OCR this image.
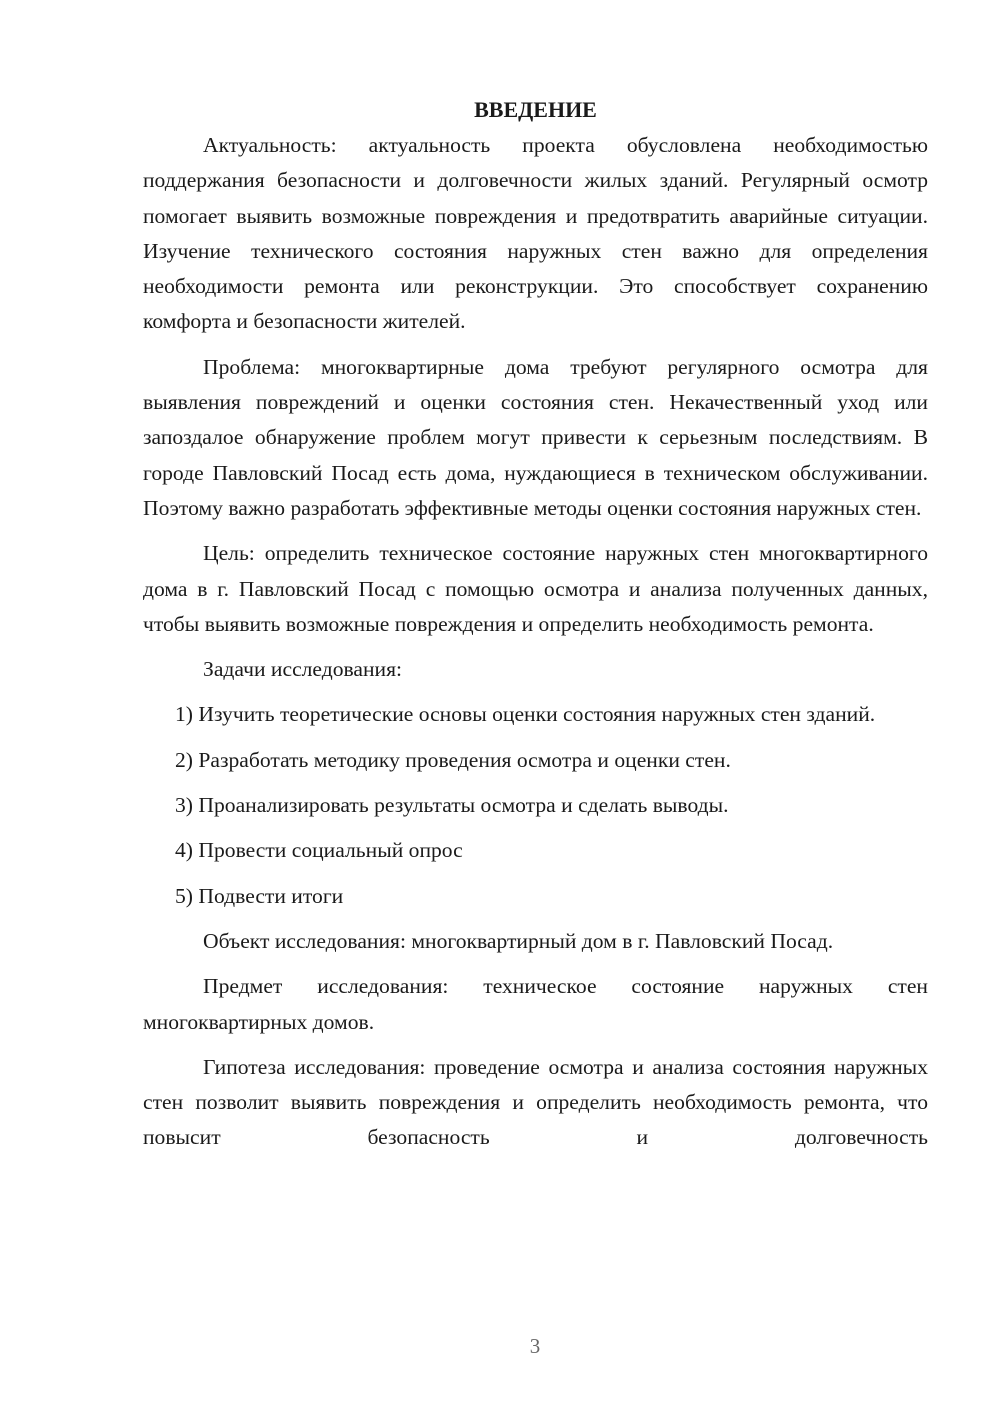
ВВЕДЕНИЕ

Актуальность: актуальность проекта обусловлена необходимостью поддержания безопасности и долговечности жилых зданий. Регулярный осмотр помогает выявить возможные повреждения и предотвратить аварийные ситуации. Изучение технического состояния наружных стен важно для определения необходимости ремонта или реконструкции. Это способствует сохранению комфорта и безопасности жителей.

Проблема: многоквартирные дома требуют регулярного осмотра для выявления повреждений и оценки состояния стен. Некачественный уход или запоздалое обнаружение проблем могут привести к серьезным последствиям. В городе Павловский Посад есть дома, нуждающиеся в техническом обслуживании. Поэтому важно разработать эффективные методы оценки состояния наружных стен.

Цель: определить техническое состояние наружных стен многоквартирного дома в г. Павловский Посад с помощью осмотра и анализа полученных данных, чтобы выявить возможные повреждения и определить необходимость ремонта.

Задачи исследования:

1) Изучить теоретические основы оценки состояния наружных стен зданий.

2) Разработать методику проведения осмотра и оценки стен.

3) Проанализировать результаты осмотра и сделать выводы.

4) Провести социальный опрос

5) Подвести итоги

Объект исследования: многоквартирный дом в г. Павловский Посад.

Предмет исследования: техническое состояние наружных стен многоквартирных домов.

Гипотеза исследования: проведение осмотра и анализа состояния наружных стен позволит выявить повреждения и определить необходимость ремонта, что повысит безопасность и долговечность

3
